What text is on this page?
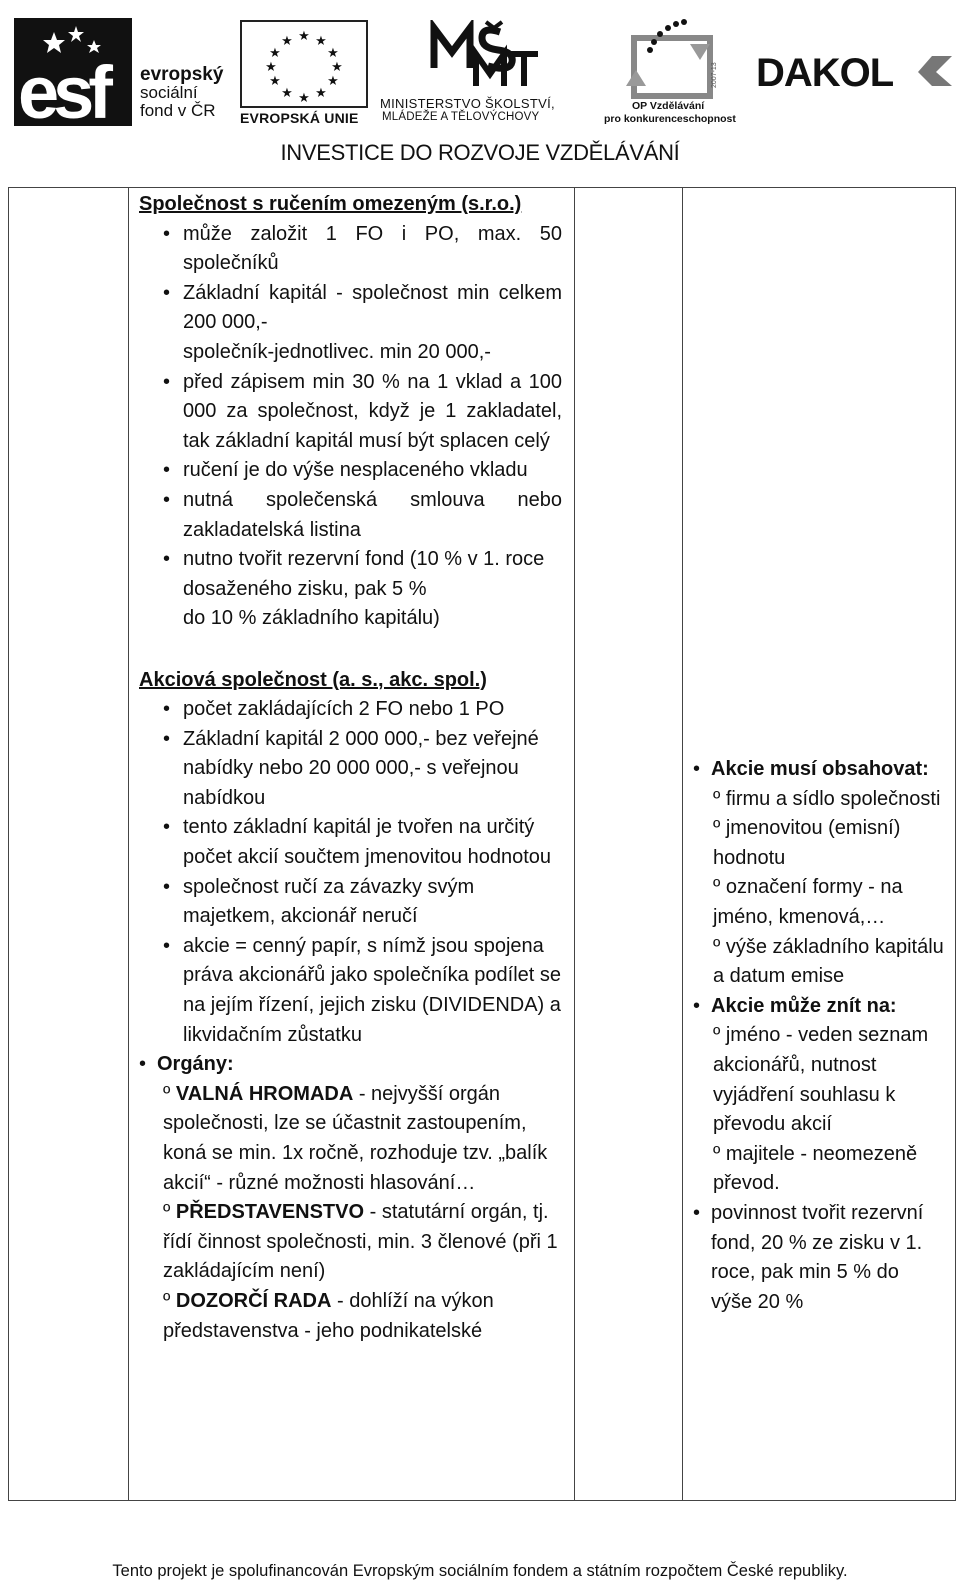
esf	evropský
sociální
fond v ČR
★ ★
★
★
★
★
★
★
★
★
★
★
EVROPSKÁ UNIE
MINISTERSTVO ŠKOLSTVÍ,
MLÁDEŽE A TĚLOVÝCHOVY
2007-13
OP Vzdělávání
pro konkurenceschopnost
DAKOL
INVESTICE DO ROZVOJE VZDĚLÁVÁNÍ

Společnost s ručením omezeným (s.r.o.)
• může založit 1 FO i PO, max. 50 společníků
• Základní kapitál - společnost min celkem 200 000,-
společník-jednotlivec. min 20 000,-
• před zápisem min 30 % na 1 vklad a 100 000 za společnost, když je 1 zakladatel, tak základní kapitál musí být splacen celý
• ručení je do výše nesplaceného vkladu
• nutná společenská smlouva nebo zakladatelská listina
• nutno tvořit rezervní fond (10 % v 1. roce dosaženého zisku, pak 5 %
do 10 % základního kapitálu)
Akciová společnost (a. s., akc. spol.)
• počet zakládajících 2 FO nebo 1 PO
• Základní kapitál 2 000 000,- bez veřejné nabídky nebo 20 000 000,- s veřejnou nabídkou
• tento základní kapitál je tvořen na určitý počet akcií součtem jmenovitou hodnotou
• společnost ručí za závazky svým majetkem, akcionář neručí
• akcie = cenný papír, s nímž jsou spojena práva akcionářů jako společníka podílet se na jejím řízení, jejich zisku (DIVIDENDA) a likvidačním zůstatku
• Orgány:
º VALNÁ HROMADA - nejvyšší orgán společnosti, lze se účastnit zastoupením, koná se min. 1x ročně, rozhoduje tzv. „balík akcií“ - různé možnosti hlasování…
º PŘEDSTAVENSTVO - statutární orgán, tj. řídí činnost společnosti, min. 3 členové (při 1 zakládajícím není)
º DOZORČÍ RADA - dohlíží na výkon představenstva - jeho podnikatelské

• Akcie musí obsahovat:
º firmu a sídlo společnosti
º jmenovitou (emisní) hodnotu
º označení formy - na jméno, kmenová,…
º výše základního kapitálu a datum emise
• Akcie může znít na:
º jméno - veden seznam akcionářů, nutnost vyjádření souhlasu k převodu akcií
º majitele - neomezeně převod.
• povinnost tvořit rezervní fond, 20 % ze zisku v 1. roce, pak min 5 % do výše 20 %
Tento projekt je spolufinancován Evropským sociálním fondem a státním rozpočtem České republiky.
